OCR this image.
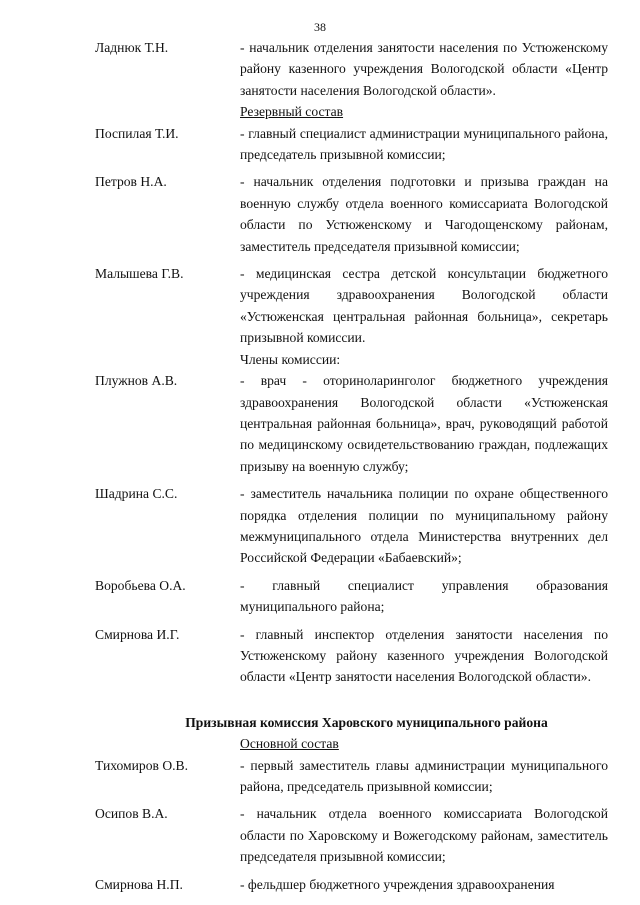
38
Ладнюк Т.Н.	- начальник отделения занятости населения по Устюженскому району казенного учреждения Вологодской области «Центр занятости населения Вологодской области».
Резервный состав
Поспилая Т.И.	- главный специалист администрации муниципального района, председатель призывной комиссии;
Петров Н.А.	- начальник отделения подготовки и призыва граждан на военную службу отдела военного комиссариата Вологодской области по Устюженскому и Чагодощенскому районам, заместитель председателя призывной комиссии;
Малышева Г.В.	- медицинская сестра детской консультации бюджетного учреждения здравоохранения Вологодской области «Устюженская центральная районная больница», секретарь призывной комиссии.
Члены комиссии:
Плужнов А.В.	- врач - оториноларинголог бюджетного учреждения здравоохранения Вологодской области «Устюженская центральная районная больница», врач, руководящий работой по медицинскому освидетельствованию граждан, подлежащих призыву на военную службу;
Шадрина С.С.	- заместитель начальника полиции по охране общественного порядка отделения полиции по муниципальному району межмуниципального отдела Министерства внутренних дел Российской Федерации «Бабаевский»;
Воробьева О.А.	- главный специалист управления образования муниципального района;
Смирнова И.Г.	- главный инспектор отделения занятости населения по Устюженскому району казенного учреждения Вологодской области «Центр занятости населения Вологодской области».
Призывная комиссия Харовского муниципального района
Основной состав
Тихомиров О.В.	- первый заместитель главы администрации муниципального района, председатель призывной комиссии;
Осипов В.А.	- начальник отдела военного комиссариата Вологодской области по Харовскому и Вожегодскому районам, заместитель председателя призывной комиссии;
Смирнова Н.П.	- фельдшер бюджетного учреждения здравоохранения
